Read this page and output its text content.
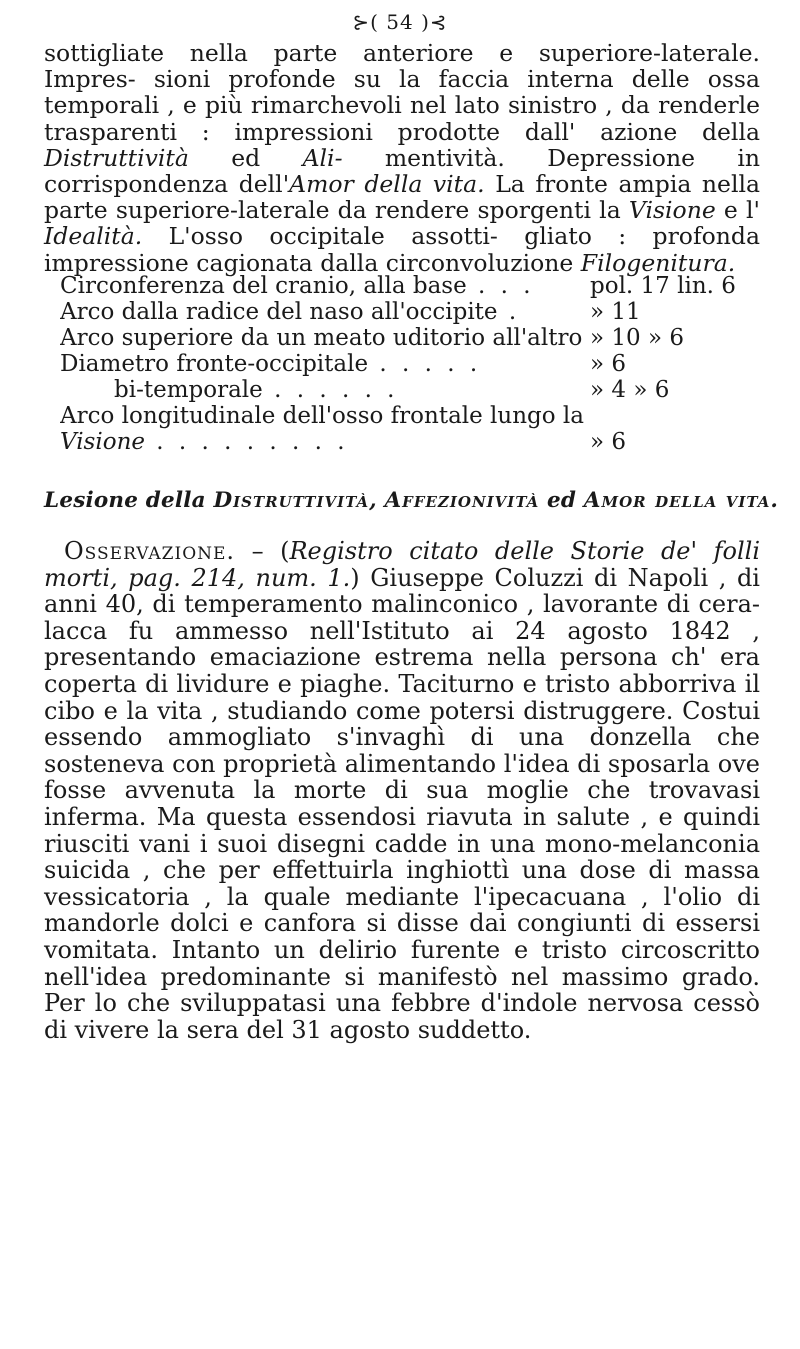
⊱( 54 )⊰

sottigliate nella parte anteriore e superiore-laterale. Impres- sioni profonde su la faccia interna delle ossa temporali , e più rimarchevoli nel lato sinistro , da renderle trasparenti : impressioni prodotte dall' azione della Distruttività ed Ali- mentività. Depressione in corrispondenza dell'Amor della vita. La fronte ampia nella parte superiore-laterale da rendere sporgenti la Visione e l' Idealità. L'osso occipitale assotti- gliato : profonda impressione cagionata dalla circonvoluzione Filogenitura.

Circonferenza del cranio, alla base . . .	pol. 17 lin. 6
Arco dalla radice del naso all'occipite .	» 11
Arco superiore da un meato uditorio all'altro » 10 » 6
Diametro fronte-occipitale . . . . .	» 6
bi-temporale . . . . . .	» 4 » 6
Arco longitudinale dell'osso frontale lungo la
Visione . . . . . . . . .	» 6
Lesione della Distruttività, Affezionività ed Amor della vita.

Osservazione. – (Registro citato delle Storie de' folli morti, pag. 214, num. 1.) Giuseppe Coluzzi di Napoli , di anni 40, di temperamento malinconico , lavorante di cera-lacca fu ammesso nell'Istituto ai 24 agosto 1842 , presentando emaciazione estrema nella persona ch' era coperta di lividure e piaghe. Taciturno e tristo abborriva il cibo e la vita , studiando come potersi distruggere. Costui essendo ammogliato s'invaghì di una donzella che sosteneva con proprietà alimentando l'idea di sposarla ove fosse avvenuta la morte di sua moglie che trovavasi inferma. Ma questa essendosi riavuta in salute , e quindi riusciti vani i suoi disegni cadde in una mono-melanconia suicida , che per effettuirla inghiottì una dose di massa vessicatoria , la quale mediante l'ipecacuana , l'olio di mandorle dolci e canfora si disse dai congiunti di essersi vomitata. Intanto un delirio furente e tristo circoscritto nell'idea predominante si manifestò nel massimo grado. Per lo che sviluppatasi una febbre d'indole nervosa cessò di vivere la sera del 31 agosto suddetto.
